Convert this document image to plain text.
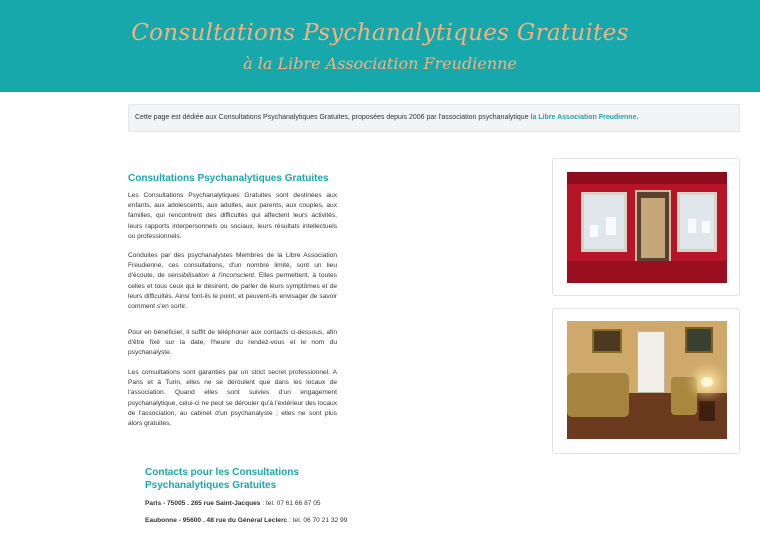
Consultations Psychanalytiques Gratuites
à la Libre Association Freudienne
Cette page est dédiée aux Consultations Psychanalytiques Gratuites, proposées depuis 2006 par l'association psychanalytique la Libre Association Freudienne.
Consultations Psychanalytiques Gratuites

Les Consultations Psychanalytiques Gratuites sont destinées aux enfants, aux adolescents, aux adultes, aux parents, aux couples, aux familles, qui rencontrent des difficultés qui affectent leurs activités, leurs rapports interpersonnels ou sociaux, leurs résultats intellectuels ou professionnels.

Conduites par des psychanalystes Membres de la Libre Association Freudienne, ces consultations, d'un nombre limité, sont un lieu d'écoute, de sensibilisation à l'inconscient. Elles permettent, à toutes celles et tous ceux qui le désirent, de parler de leurs symptômes et de leurs difficultés. Ainsi font-ils le point, et peuvent-ils envisager de savoir comment s'en sortir.

Pour en bénéficier, il suffit de téléphoner aux contacts ci-dessous, afin d'être fixé sur la date, l'heure du rendez-vous et le nom du psychanalyste.

Les consultations sont garanties par un strict secret professionnel. A Paris et à Turin, elles ne se déroulent que dans les locaux de l'association. Quand elles sont suivies d'un engagement psychanalytique, celui-ci ne peut se dérouler qu'à l'extérieur des locaux de l'association, au cabinet d'un psychanalyste ; elles ne sont plus alors gratuites.

Contacts pour les Consultations Psychanalytiques Gratuites
Paris - 75005 . 265 rue Saint-Jacques : tel. 07 61 66 87 05
Eaubonne - 95600 . 48 rue du Général Leclerc : tel. 06 70 21 32 99
